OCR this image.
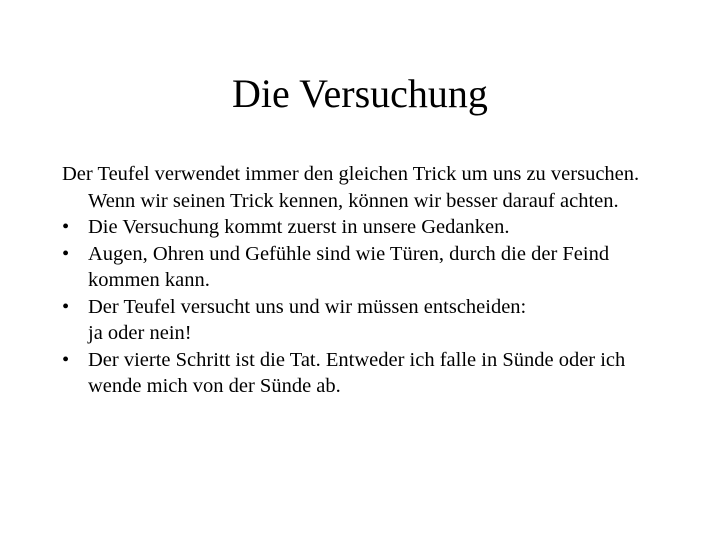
Die Versuchung

Der Teufel verwendet immer den gleichen Trick um uns zu versuchen. Wenn wir seinen Trick kennen, können wir besser darauf achten.

• Die Versuchung kommt zuerst in unsere Gedanken.
• Augen, Ohren und Gefühle sind wie Türen, durch die der Feind kommen kann.
• Der Teufel versucht uns und wir müssen entscheiden:
ja oder nein!
• Der vierte Schritt ist die Tat. Entweder ich falle in Sünde oder ich wende mich von der Sünde ab.
